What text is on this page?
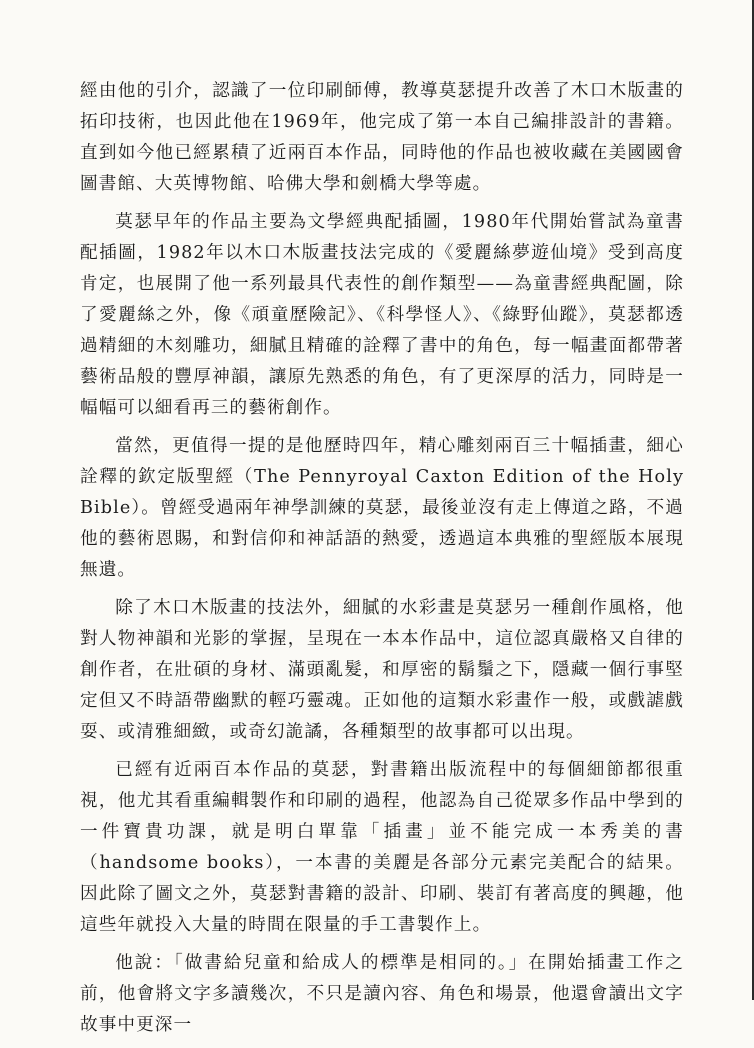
經由他的引介，認識了一位印刷師傅，教導莫瑟提升改善了木口木版畫的拓印技術，也因此他在1969年，他完成了第一本自己編排設計的書籍。直到如今他已經累積了近兩百本作品，同時他的作品也被收藏在美國國會圖書館、大英博物館、哈佛大學和劍橋大學等處。

莫瑟早年的作品主要為文學經典配插圖，1980年代開始嘗試為童書配插圖，1982年以木口木版畫技法完成的《愛麗絲夢遊仙境》受到高度肯定，也展開了他一系列最具代表性的創作類型——為童書經典配圖，除了愛麗絲之外，像《頑童歷險記》、《科學怪人》、《綠野仙蹤》，莫瑟都透過精細的木刻雕功，細膩且精確的詮釋了書中的角色，每一幅畫面都帶著藝術品般的豐厚神韻，讓原先熟悉的角色，有了更深厚的活力，同時是一幅幅可以細看再三的藝術創作。

當然，更值得一提的是他歷時四年，精心雕刻兩百三十幅插畫，細心詮釋的欽定版聖經（The Pennyroyal Caxton Edition of the Holy Bible）。曾經受過兩年神學訓練的莫瑟，最後並沒有走上傳道之路，不過他的藝術恩賜，和對信仰和神話語的熱愛，透過這本典雅的聖經版本展現無遺。

除了木口木版畫的技法外，細膩的水彩畫是莫瑟另一種創作風格，他對人物神韻和光影的掌握，呈現在一本本作品中，這位認真嚴格又自律的創作者，在壯碩的身材、滿頭亂髮，和厚密的鬍鬚之下，隱藏一個行事堅定但又不時語帶幽默的輕巧靈魂。正如他的這類水彩畫作一般，或戲謔戲耍、或清雅細緻，或奇幻詭譎，各種類型的故事都可以出現。

已經有近兩百本作品的莫瑟，對書籍出版流程中的每個細節都很重視，他尤其看重編輯製作和印刷的過程，他認為自己從眾多作品中學到的一件寶貴功課，就是明白單靠「插畫」並不能完成一本秀美的書（handsome books），一本書的美麗是各部分元素完美配合的結果。因此除了圖文之外，莫瑟對書籍的設計、印刷、裝訂有著高度的興趣，他這些年就投入大量的時間在限量的手工書製作上。

他說：「做書給兒童和給成人的標準是相同的。」在開始插畫工作之前，他會將文字多讀幾次，不只是讀內容、角色和場景，他還會讀出文字故事中更深一
